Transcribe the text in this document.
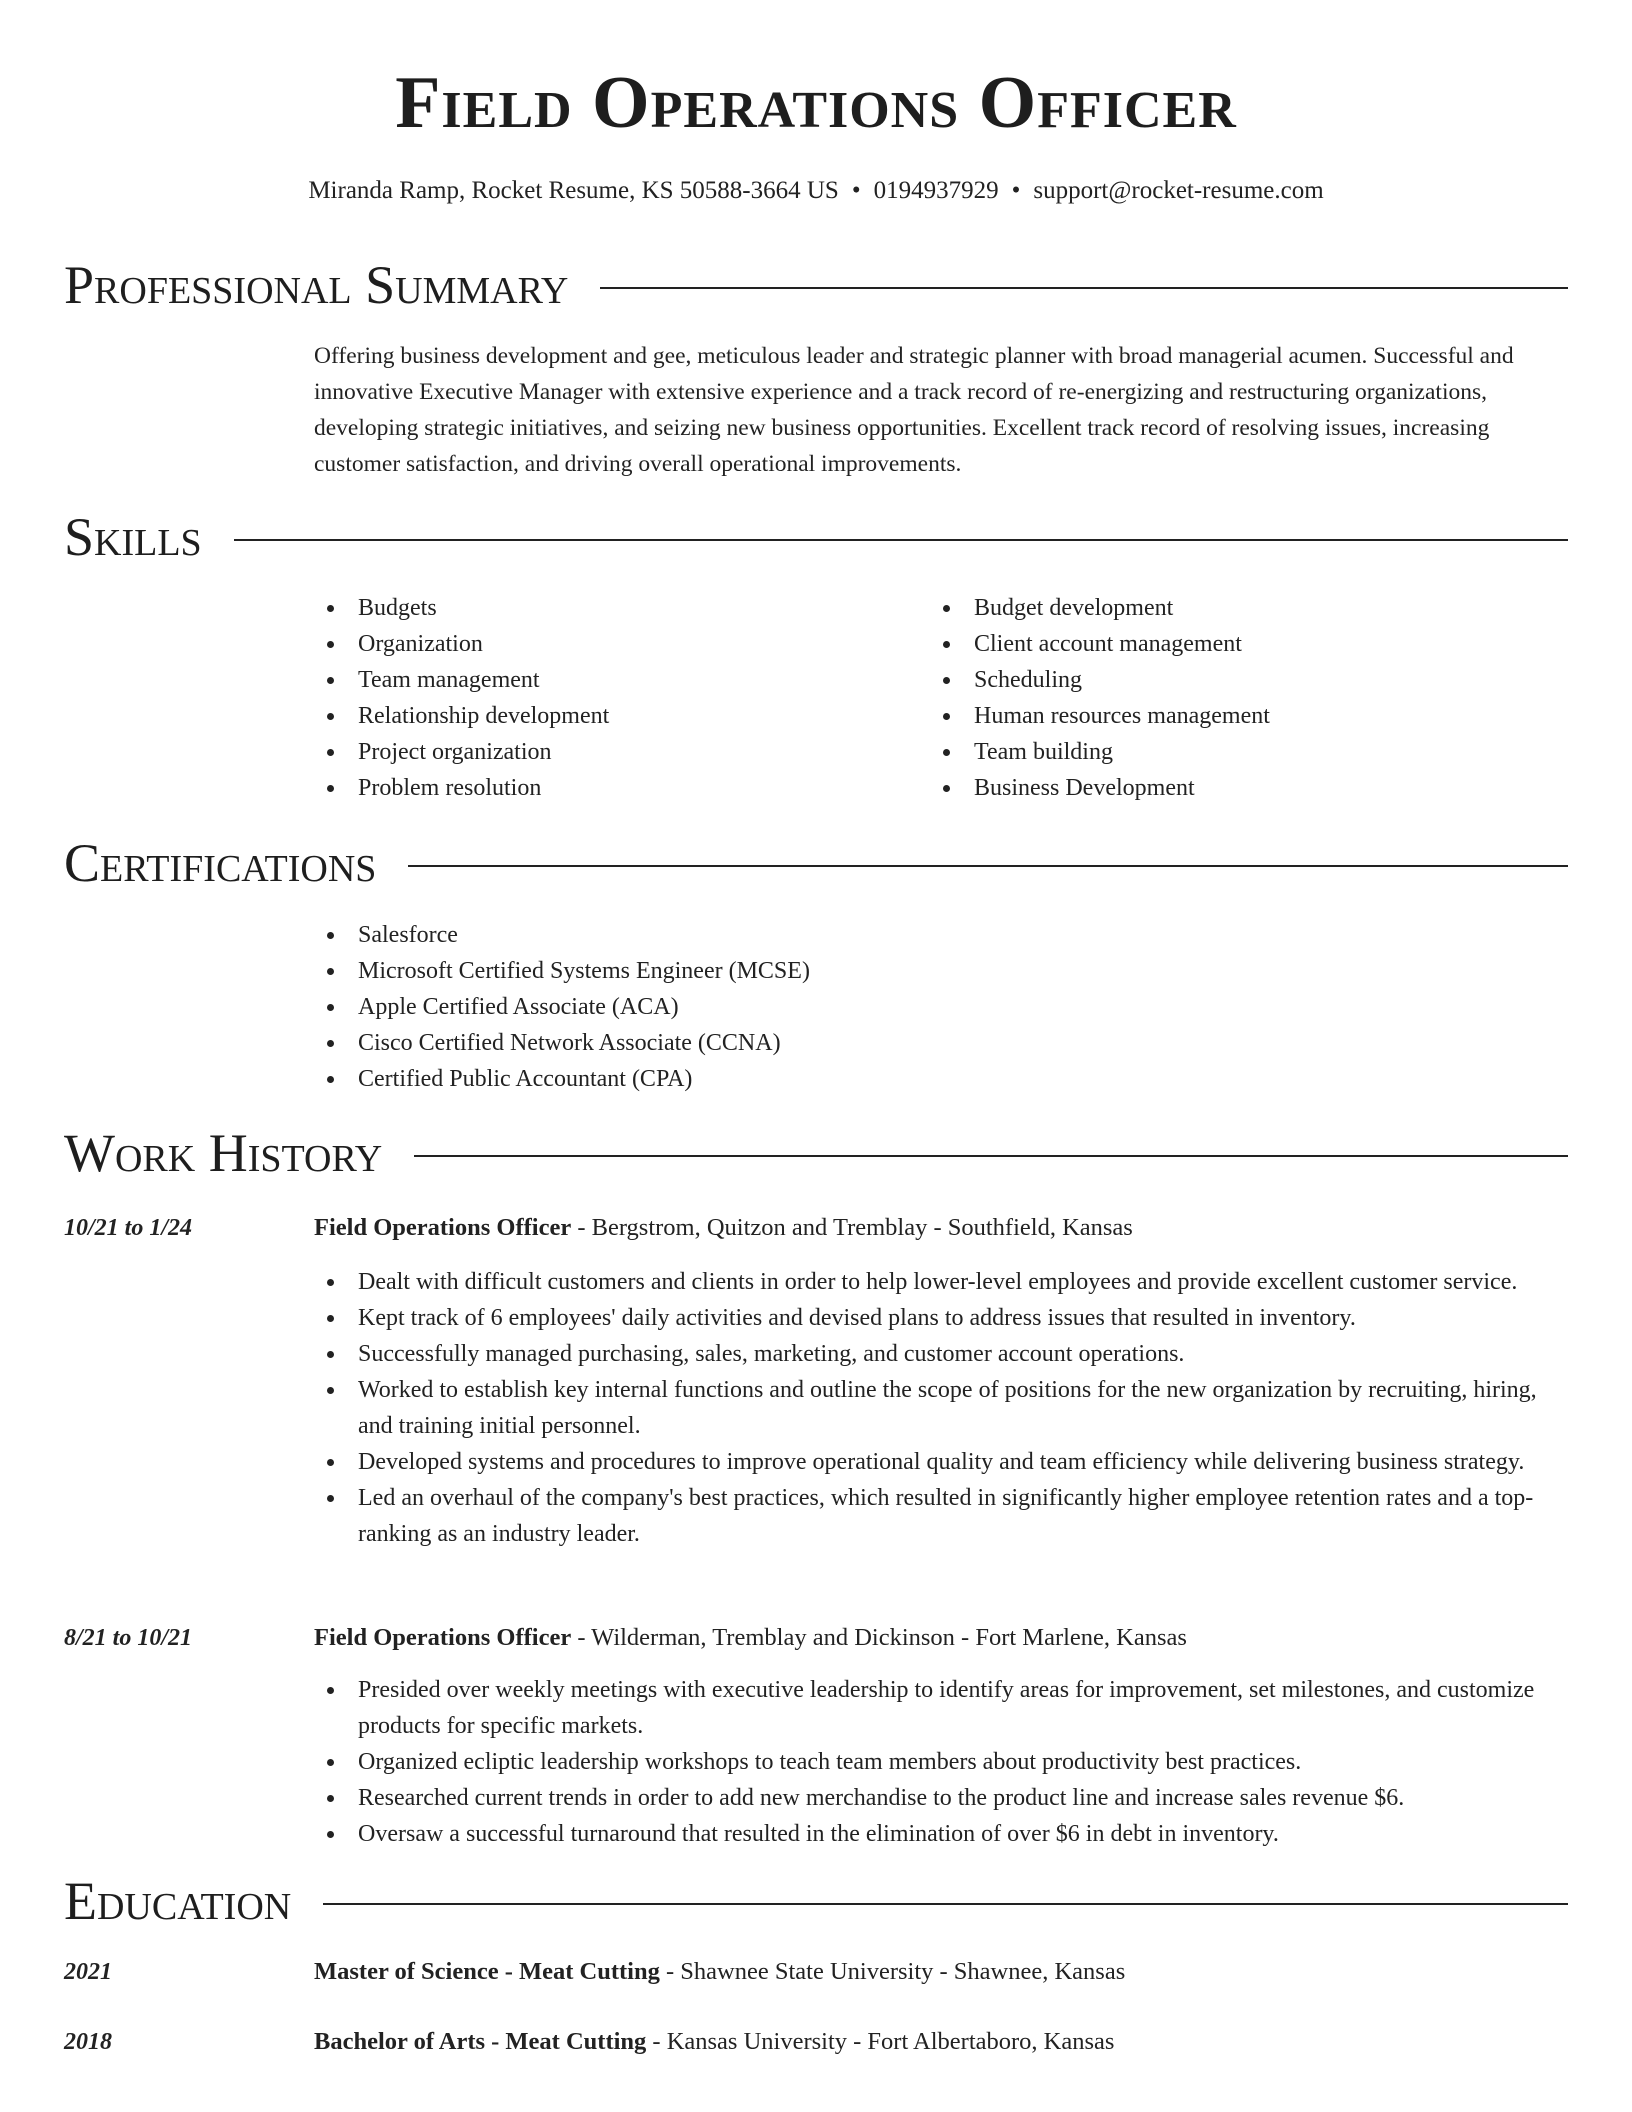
Field Operations Officer
Miranda Ramp, Rocket Resume, KS 50588-3664 US • 0194937929 • support@rocket-resume.com
Professional Summary

Offering business development and gee, meticulous leader and strategic planner with broad managerial acumen. Successful and innovative Executive Manager with extensive experience and a track record of re-energizing and restructuring organizations, developing strategic initiatives, and seizing new business opportunities. Excellent track record of resolving issues, increasing customer satisfaction, and driving overall operational improvements.

Skills
Budgets
Organization
Team management
Relationship development
Project organization
Problem resolution
Budget development
Client account management
Scheduling
Human resources management
Team building
Business Development
Certifications
Salesforce
Microsoft Certified Systems Engineer (MCSE)
Apple Certified Associate (ACA)
Cisco Certified Network Associate (CCNA)
Certified Public Accountant (CPA)
Work History
10/21 to 1/24	Field Operations Officer - Bergstrom, Quitzon and Tremblay - Southfield, Kansas
Dealt with difficult customers and clients in order to help lower-level employees and provide excellent customer service.
Kept track of 6 employees' daily activities and devised plans to address issues that resulted in inventory.
Successfully managed purchasing, sales, marketing, and customer account operations.
Worked to establish key internal functions and outline the scope of positions for the new organization by recruiting, hiring, and training initial personnel.
Developed systems and procedures to improve operational quality and team efficiency while delivering business strategy.
Led an overhaul of the company's best practices, which resulted in significantly higher employee retention rates and a top-ranking as an industry leader.
8/21 to 10/21	Field Operations Officer - Wilderman, Tremblay and Dickinson - Fort Marlene, Kansas
Presided over weekly meetings with executive leadership to identify areas for improvement, set milestones, and customize products for specific markets.
Organized ecliptic leadership workshops to teach team members about productivity best practices.
Researched current trends in order to add new merchandise to the product line and increase sales revenue $6.
Oversaw a successful turnaround that resulted in the elimination of over $6 in debt in inventory.
Education
2021	Master of Science - Meat Cutting - Shawnee State University - Shawnee, Kansas
2018	Bachelor of Arts - Meat Cutting - Kansas University - Fort Albertaboro, Kansas
